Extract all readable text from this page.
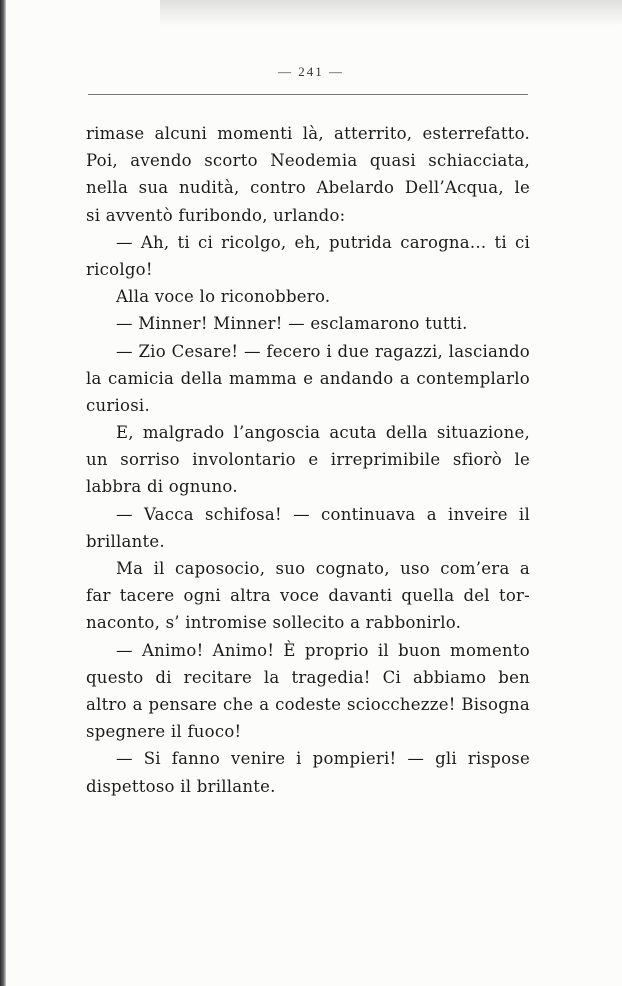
— 241 —
rimase alcuni momenti là, atterrito, esterrefatto.
Poi, avendo scorto Neodemia quasi schiacciata,
nella sua nudità, contro Abelardo Dell’Acqua, le
si avventò furibondo, urlando:
— Ah, ti ci ricolgo, eh, putrida carogna... ti ci
ricolgo!
Alla voce lo riconobbero.
— Minner! Minner! — esclamarono tutti.
— Zio Cesare! — fecero i due ragazzi, lasciando
la camicia della mamma e andando a contemplarlo
curiosi.
E, malgrado l’angoscia acuta della situazione,
un sorriso involontario e irreprimibile sfiorò le
labbra di ognuno.
— Vacca schifosa! — continuava a inveire il
brillante.
Ma il caposocio, suo cognato, uso com’era a
far tacere ogni altra voce davanti quella del tor-
naconto, s’ intromise sollecito a rabbonirlo.
— Animo! Animo! È proprio il buon momento
questo di recitare la tragedia! Ci abbiamo ben
altro a pensare che a codeste sciocchezze! Bisogna
spegnere il fuoco!
— Si fanno venire i pompieri! — gli rispose
dispettoso il brillante.
